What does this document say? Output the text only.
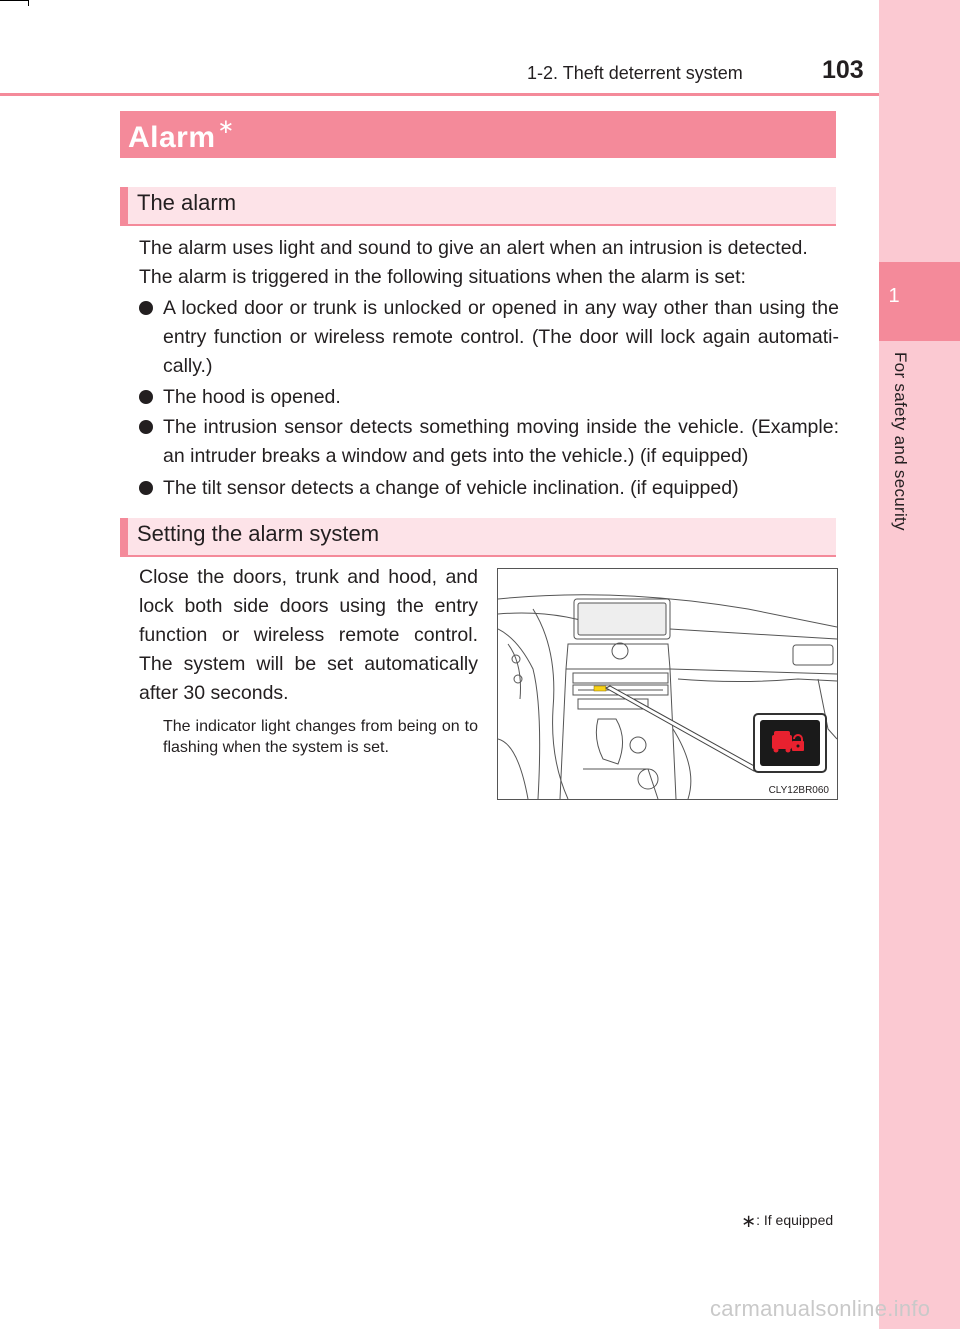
1
For safety and security
1-2. Theft deterrent system	103
Alarm ∗
The alarm
The alarm uses light and sound to give an alert when an intrusion is detected.
The alarm is triggered in the following situations when the alarm is set:
A locked door or trunk is unlocked or opened in any way other than using the entry function or wireless remote control. (The door will lock again automati-cally.)
The hood is opened.
The intrusion sensor detects something moving inside the vehicle. (Example: an intruder breaks a window and gets into the vehicle.) (if equipped)
The tilt sensor detects a change of vehicle inclination. (if equipped)
Setting the alarm system
Close the doors, trunk and hood, and lock both side doors using the entry function or wireless remote control. The system will be set automatically after 30 seconds.
The indicator light changes from being on to flashing when the system is set.
CLY12BR060
∗: If equipped
carmanualsonline.info
